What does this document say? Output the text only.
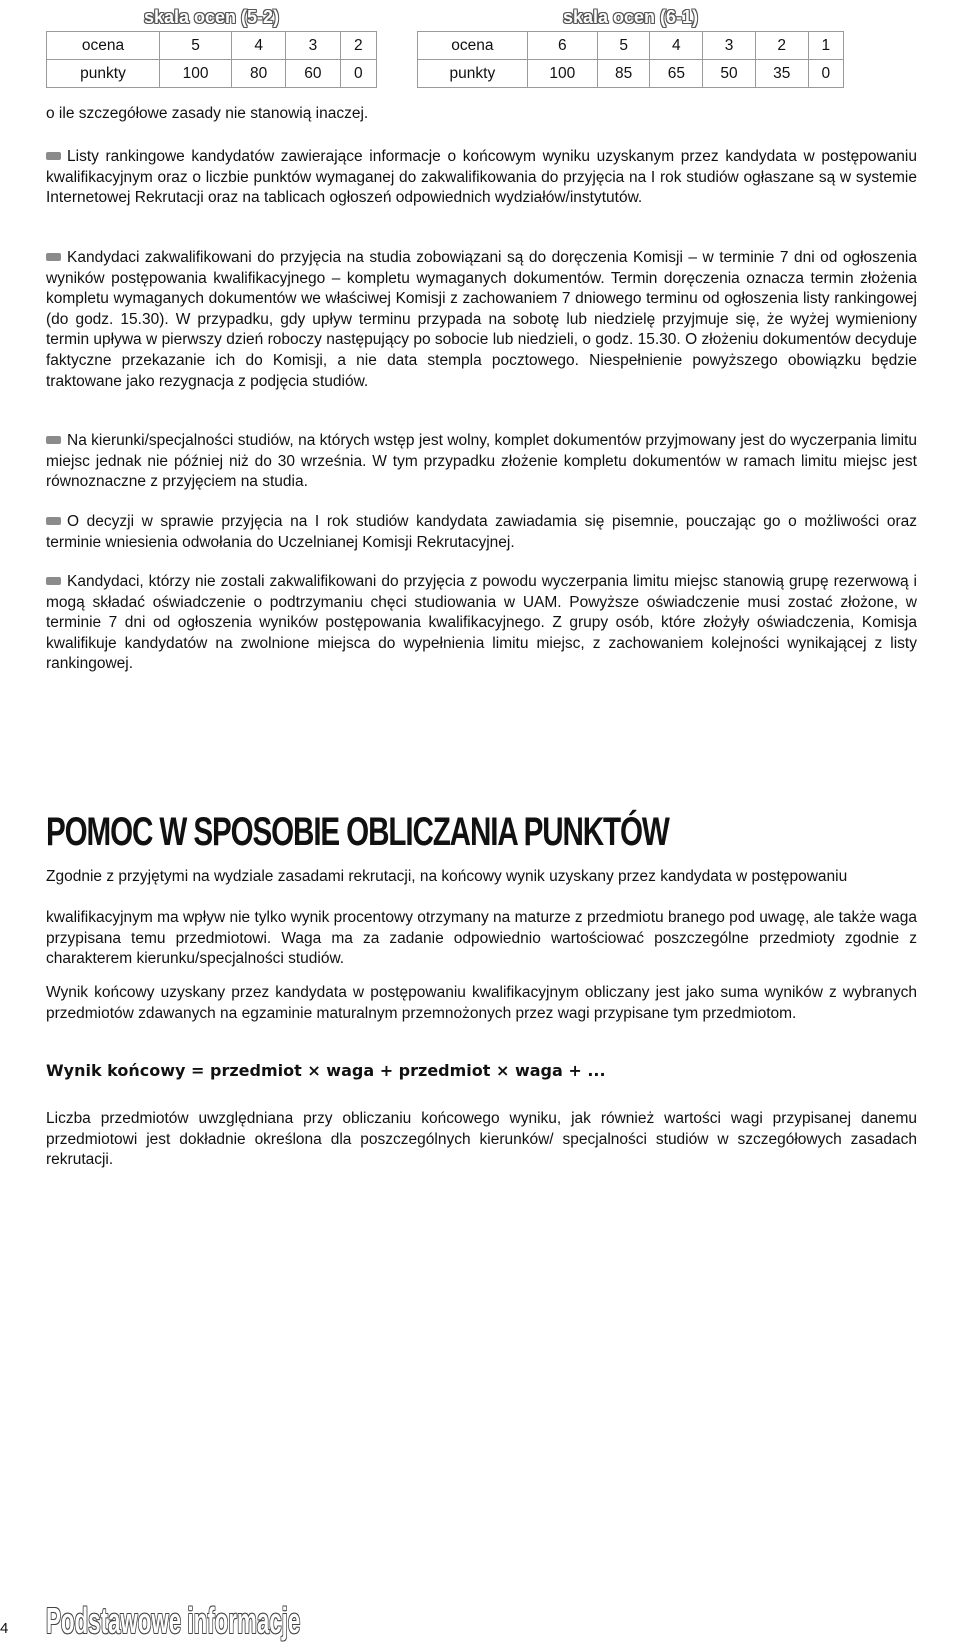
skala ocen (5-2)				
ocena	5	4	3	2
punkty	100	80	60	0
skala ocen (6-1)						
ocena	6	5	4	3	2	1
punkty	100	85	65	50	35	0

o ile szczegółowe zasady nie stanowią inaczej.

Listy rankingowe kandydatów zawierające informacje o końcowym wyniku uzyskanym przez kandydata w postępowaniu kwalifikacyjnym oraz o liczbie punktów wymaganej do zakwalifikowania do przyjęcia na I rok studiów ogłaszane są w systemie Internetowej Rekrutacji oraz na tablicach ogłoszeń odpowiednich wydziałów/instytutów.

Kandydaci zakwalifikowani do przyjęcia na studia zobowiązani są do doręczenia Komisji – w terminie 7 dni od ogłoszenia wyników postępowania kwalifikacyjnego – kompletu wymaganych dokumentów. Termin doręczenia oznacza termin złożenia kompletu wymaganych dokumentów we właściwej Komisji z zachowaniem 7 dniowego terminu od ogłoszenia listy rankingowej (do godz. 15.30). W przypadku, gdy upływ terminu przypada na sobotę lub niedzielę przyjmuje się, że wyżej wymieniony termin upływa w pierwszy dzień roboczy następujący po sobocie lub niedzieli, o godz. 15.30. O złożeniu dokumentów decyduje faktyczne przekazanie ich do Komisji, a nie data stempla pocztowego. Niespełnienie powyższego obowiązku będzie traktowane jako rezygnacja z podjęcia studiów.

Na kierunki/specjalności studiów, na których wstęp jest wolny, komplet dokumentów przyjmowany jest do wyczerpania limitu miejsc jednak nie później niż do 30 września. W tym przypadku złożenie kompletu dokumentów w ramach limitu miejsc jest równoznaczne z przyjęciem na studia.

O decyzji w sprawie przyjęcia na I rok studiów kandydata zawiadamia się pisemnie, pouczając go o możliwości oraz terminie wniesienia odwołania do Uczelnianej Komisji Rekrutacyjnej.

Kandydaci, którzy nie zostali zakwalifikowani do przyjęcia z powodu wyczerpania limitu miejsc stanowią grupę rezerwową i mogą składać oświadczenie o podtrzymaniu chęci studiowania w UAM. Powyższe oświadczenie musi zostać złożone, w terminie 7 dni od ogłoszenia wyników postępowania kwalifikacyjnego. Z grupy osób, które złożyły oświadczenia, Komisja kwalifikuje kandydatów na zwolnione miejsca do wypełnienia limitu miejsc, z zachowaniem kolejności wynikającej z listy rankingowej.

POMOC W SPOSOBIE OBLICZANIA PUNKTÓW

Zgodnie z przyjętymi na wydziale zasadami rekrutacji, na końcowy wynik uzyskany przez kandydata w postępowaniu

kwalifikacyjnym ma wpływ nie tylko wynik procentowy otrzymany na maturze z przedmiotu branego pod uwagę, ale także waga przypisana temu przedmiotowi. Waga ma za zadanie odpowiednio wartościować poszczególne przedmioty zgodnie z charakterem kierunku/specjalności studiów.

Wynik końcowy uzyskany przez kandydata w postępowaniu kwalifikacyjnym obliczany jest jako suma wyników z wybranych przedmiotów zdawanych na egzaminie maturalnym przemnożonych przez wagi przypisane tym przedmiotom.

Wynik końcowy = przedmiot × waga + przedmiot × waga + ...

Liczba przedmiotów uwzględniana przy obliczaniu końcowego wyniku, jak również wartości wagi przypisanej danemu przedmiotowi jest dokładnie określona dla poszczególnych kierunków/ specjalności studiów w szczegółowych zasadach rekrutacji.

4 Podstawowe informacje
